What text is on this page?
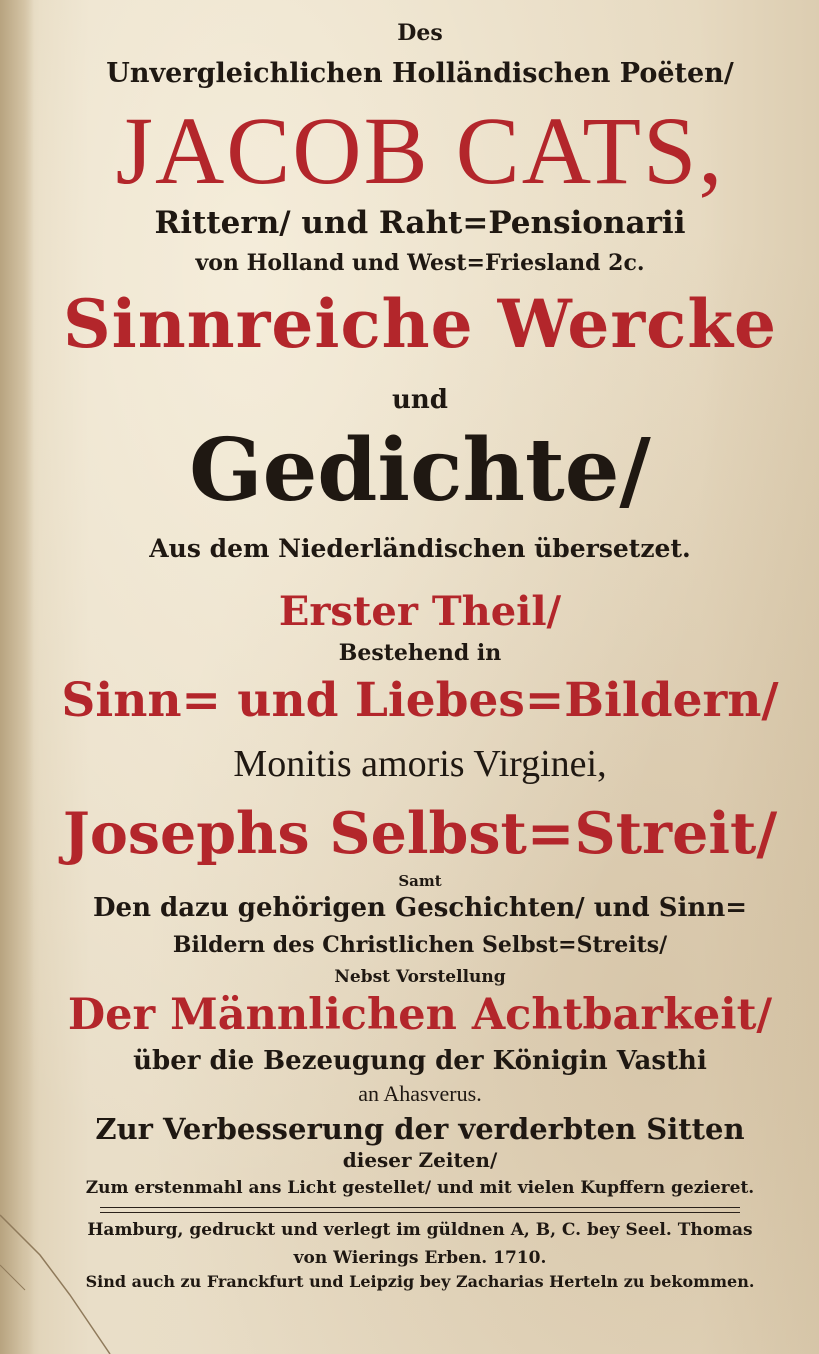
Des
Unvergleichlichen Holländischen Poëten/
JACOB CATS,
Rittern/ und Raht=Pensionarii
von Holland und West=Friesland 2c.
Sinnreiche Wercke
und
Gedichte/
Aus dem Niederländischen übersetzet.
Erster Theil/
Bestehend in
Sinn= und Liebes=Bildern/
Monitis amoris Virginei,
Josephs Selbst=Streit/
Samt
Den dazu gehörigen Geschichten/ und Sinn=
Bildern des Christlichen Selbst=Streits/
Nebst Vorstellung
Der Männlichen Achtbarkeit/
über die Bezeugung der Königin Vasthi
an Ahasverus.
Zur Verbesserung der verderbten Sitten
dieser Zeiten/
Zum erstenmahl ans Licht gestellet/ und mit vielen Kupffern gezieret.
Hamburg, gedruckt und verlegt im güldnen A, B, C. bey Seel. Thomas
von Wierings Erben. 1710.
Sind auch zu Franckfurt und Leipzig bey Zacharias Herteln zu bekommen.
